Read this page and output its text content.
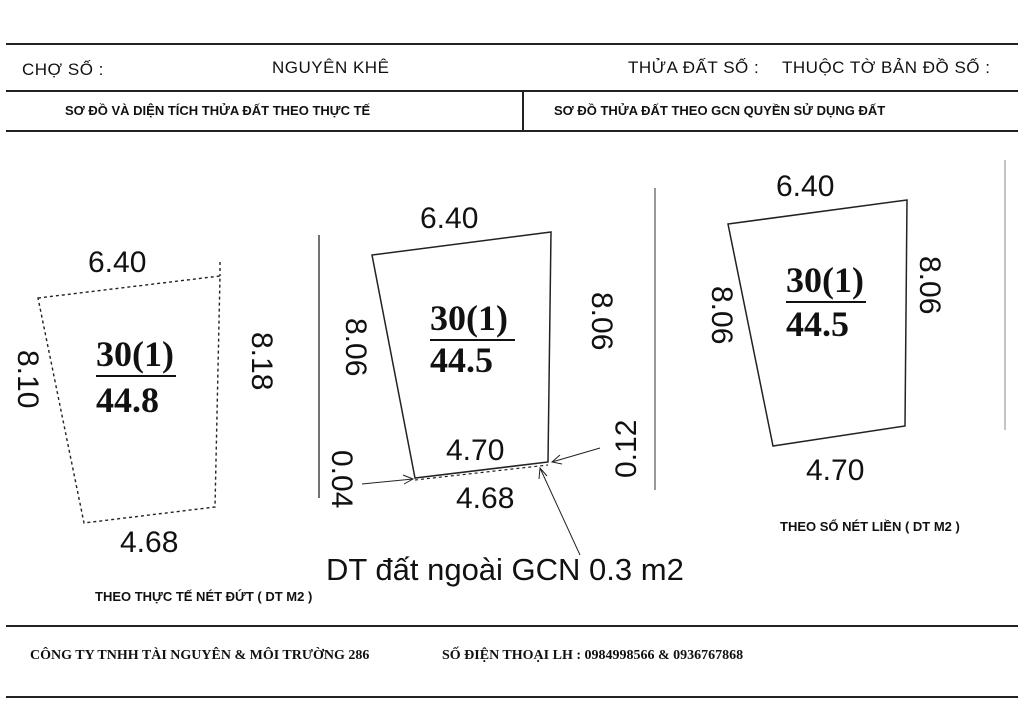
CHỢ SỐ :	NGUYÊN KHÊ	THỬA ĐẤT SỐ : THUỘC TỜ BẢN ĐỒ SỐ :
SƠ ĐỒ VÀ DIỆN TÍCH THỬA ĐẤT THEO THỰC TẾ	SƠ ĐỒ THỬA ĐẤT THEO GCN QUYỀN SỬ DỤNG ĐẤT
6.40
8.10	8.18
4.68
30(1)
44.8
THEO THỰC TẾ NÉT ĐỨT ( DT M2 )
6.40
8.06	8.06
4.70
4.68
0.04
0.12
30(1)
44.5
DT đất ngoài GCN 0.3 m2
6.40
8.06
8.06
4.70
30(1)
44.5
THEO SỔ NÉT LIỀN ( DT M2 )
CÔNG TY TNHH TÀI NGUYÊN & MÔI TRƯỜNG 286	SỐ ĐIỆN THOẠI LH : 0984998566 & 0936767868
